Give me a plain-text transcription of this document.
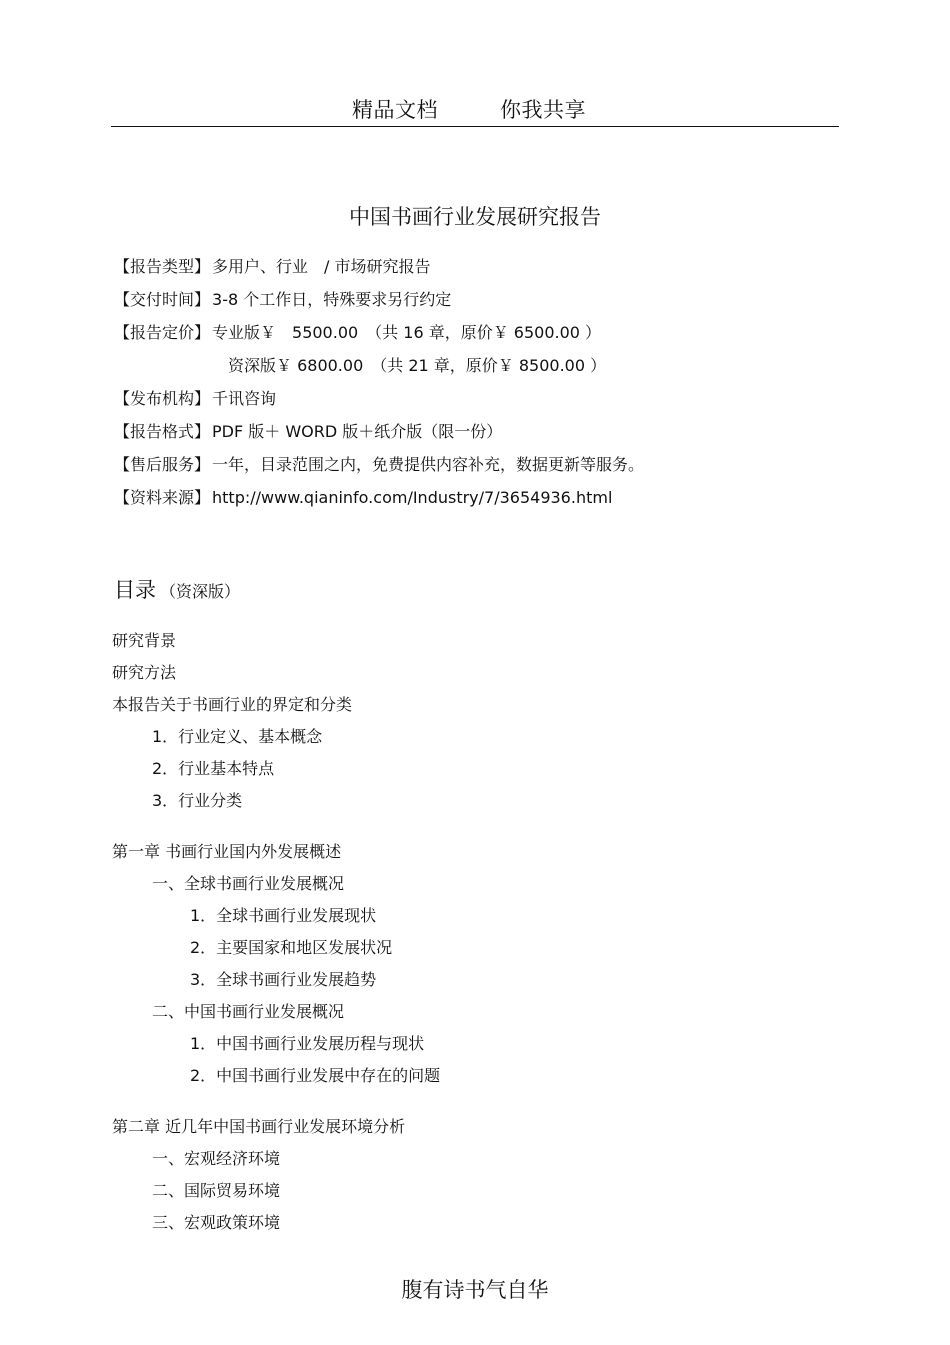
精品文档	你我共享
中国书画行业发展研究报告
【报告类型】 多用户、行业　/ 市场研究报告
【交付时间】3-8 个工作日，特殊要求另行约定
【报告定价】 专业版￥　5500.00　（共 16 章，原价￥ 6500.00 ）
资深版￥ 6800.00　（共 21 章，原价￥ 8500.00 ）
【发布机构】 千讯咨询
【报告格式】PDF 版＋ WORD 版＋纸介版（限一份）
【售后服务】 一年，目录范围之内，免费提供内容补充，数据更新等服务。
【资料来源】http://www.qianinfo.com/Industry/7/3654936.html
目录 （资深版）
研究背景
研究方法
本报告关于书画行业的界定和分类
1．行业定义、基本概念
2．行业基本特点
3．行业分类
第一章 书画行业国内外发展概述
一、全球书画行业发展概况
1．全球书画行业发展现状
2．主要国家和地区发展状况
3．全球书画行业发展趋势
二、中国书画行业发展概况
1．中国书画行业发展历程与现状
2．中国书画行业发展中存在的问题
第二章 近几年中国书画行业发展环境分析
一、宏观经济环境
二、国际贸易环境
三、宏观政策环境
腹有诗书气自华
